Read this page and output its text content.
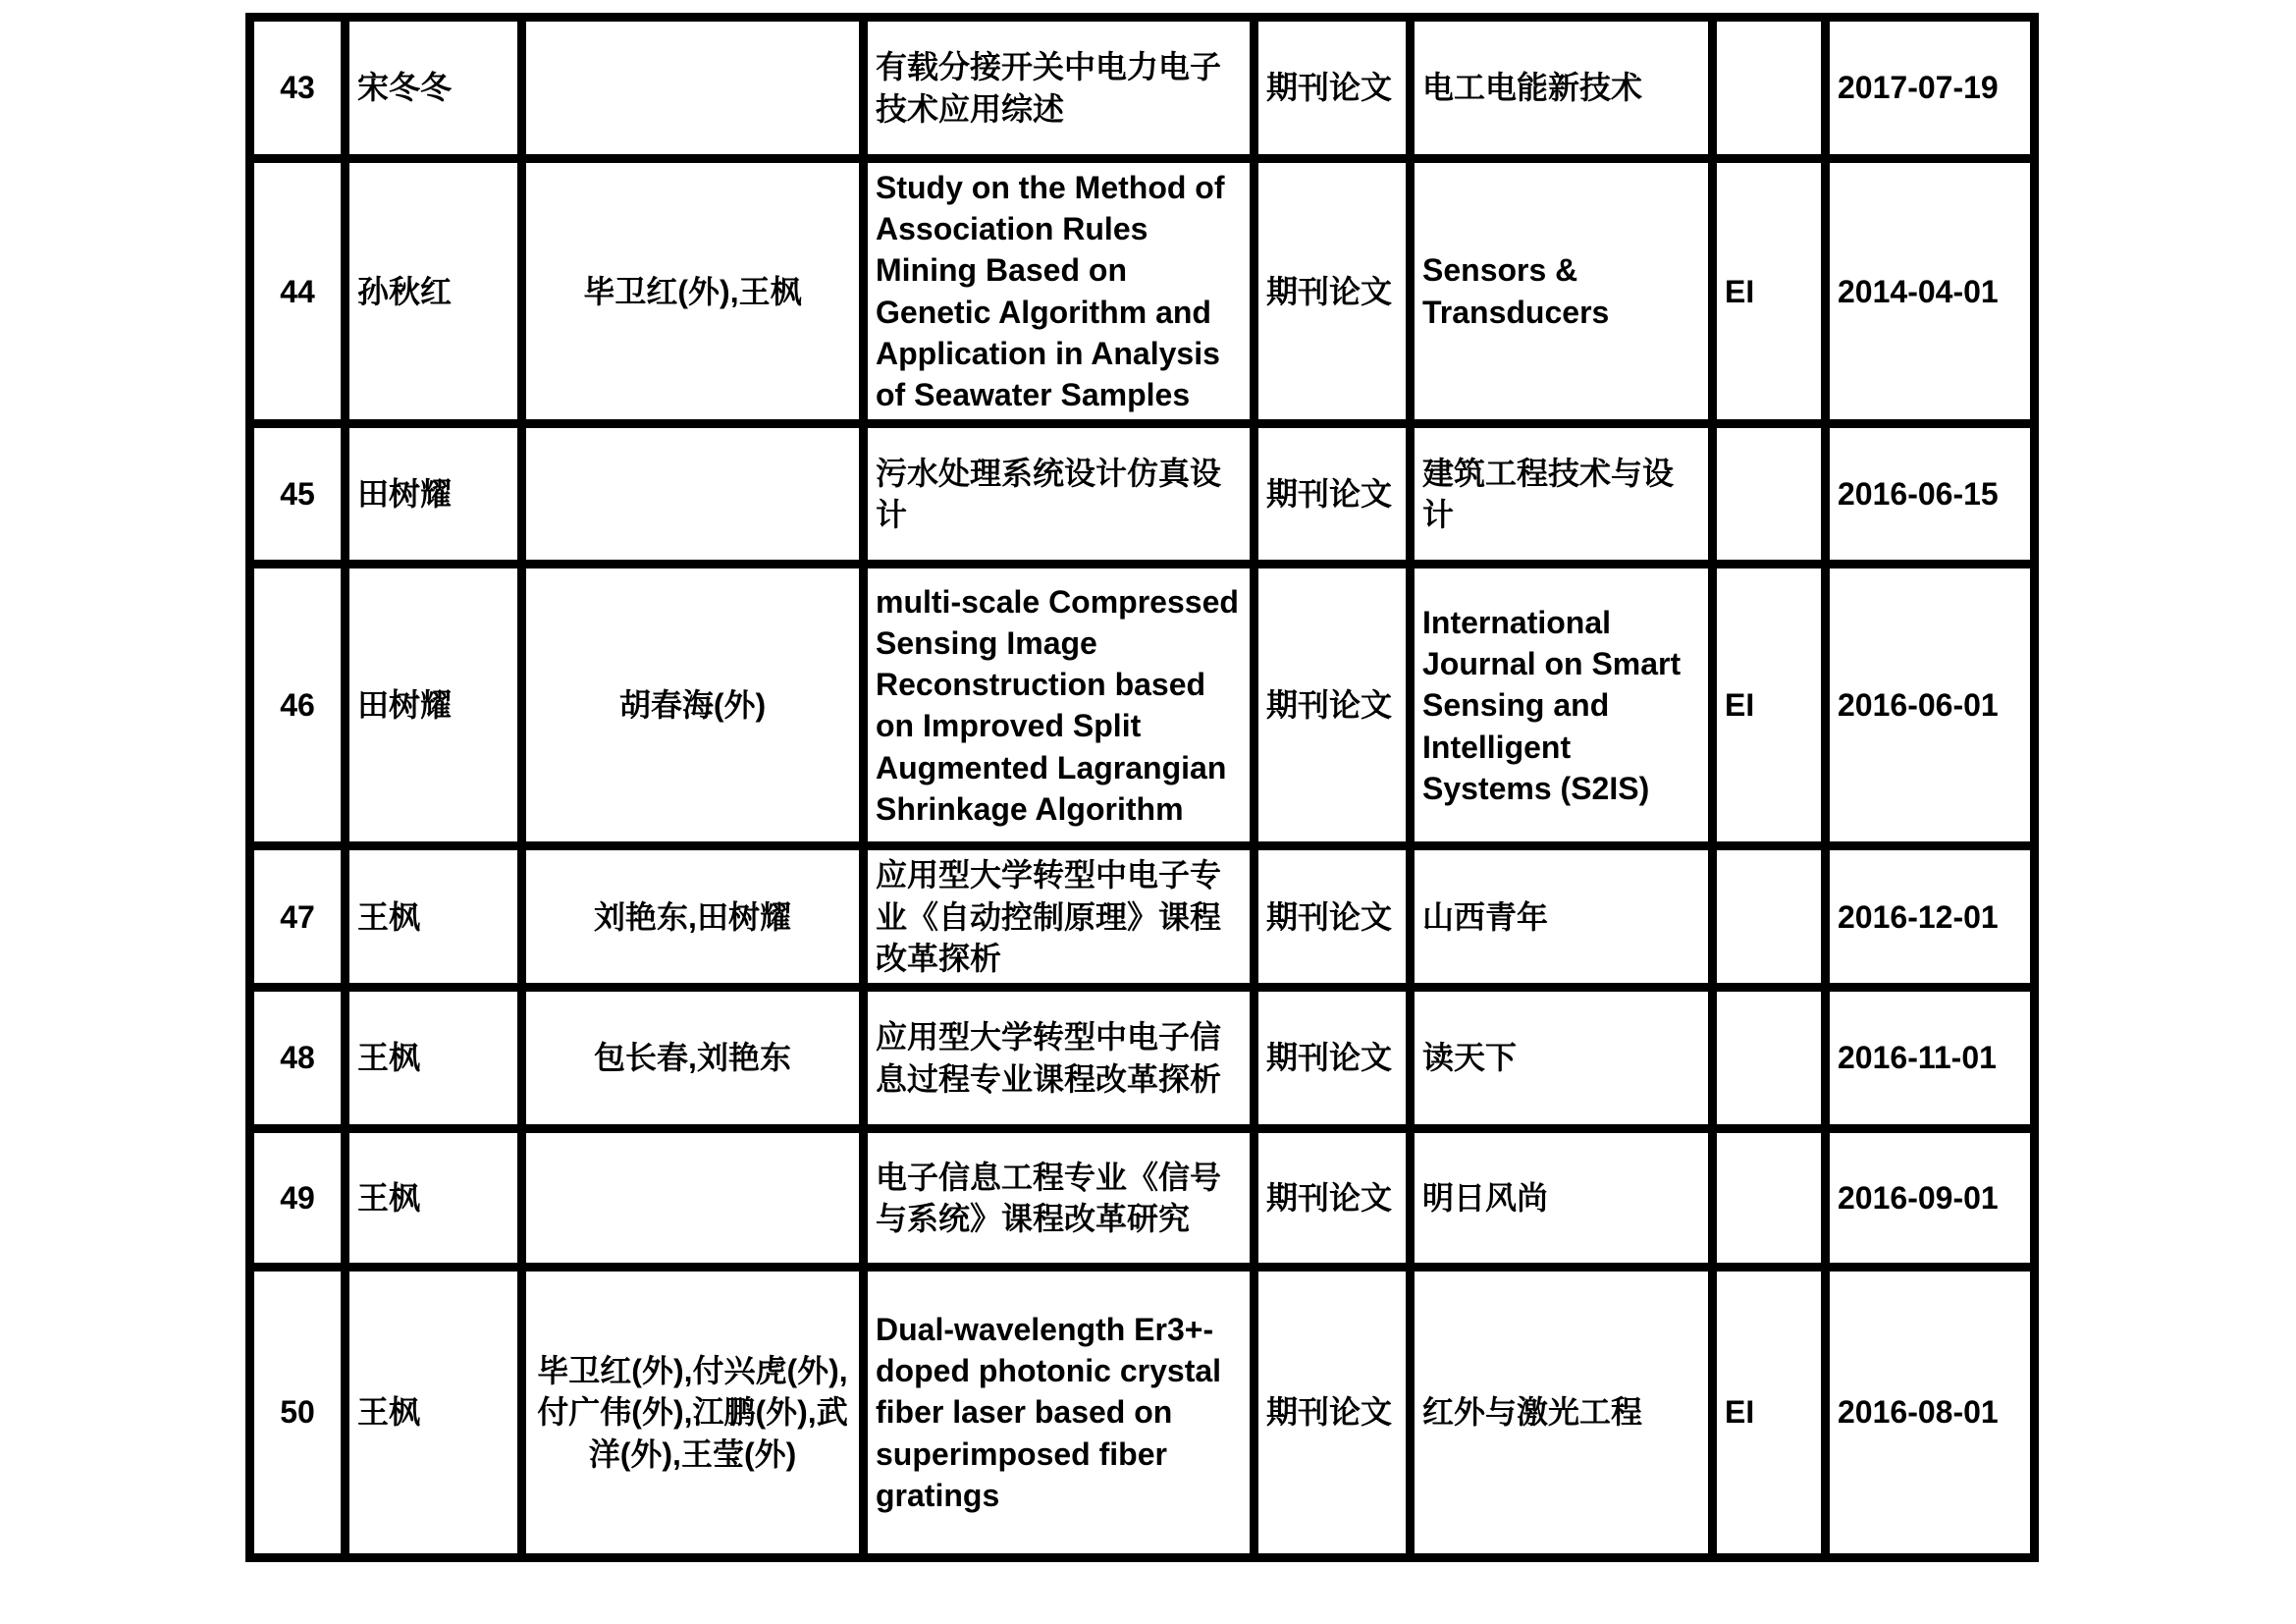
43	宋冬冬		有载分接开关中电力电子技术应用综述	期刊论文	电工电能新技术		2017-07-19
44	孙秋红	毕卫红(外),王枫	Study on the Method of Association Rules Mining Based on Genetic Algorithm and Application in Analysis of Seawater Samples	期刊论文	Sensors & Transducers	EI	2014-04-01
45	田树耀		污水处理系统设计仿真设计	期刊论文	建筑工程技术与设计		2016-06-15
46	田树耀	胡春海(外)	multi-scale Compressed Sensing Image Reconstruction based on Improved Split Augmented Lagrangian Shrinkage Algorithm	期刊论文	International Journal on Smart Sensing and Intelligent Systems (S2IS)	EI	2016-06-01
47	王枫	刘艳东,田树耀	应用型大学转型中电子专业《自动控制原理》课程改革探析	期刊论文	山西青年		2016-12-01
48	王枫	包长春,刘艳东	应用型大学转型中电子信息过程专业课程改革探析	期刊论文	读天下		2016-11-01
49	王枫		电子信息工程专业《信号与系统》课程改革研究	期刊论文	明日风尚		2016-09-01
50	王枫	毕卫红(外),付兴虎(外),付广伟(外),江鹏(外),武洋(外),王莹(外)	Dual-wavelength Er3+-doped photonic crystal fiber laser based on superimposed fiber gratings	期刊论文	红外与激光工程	EI	2016-08-01
